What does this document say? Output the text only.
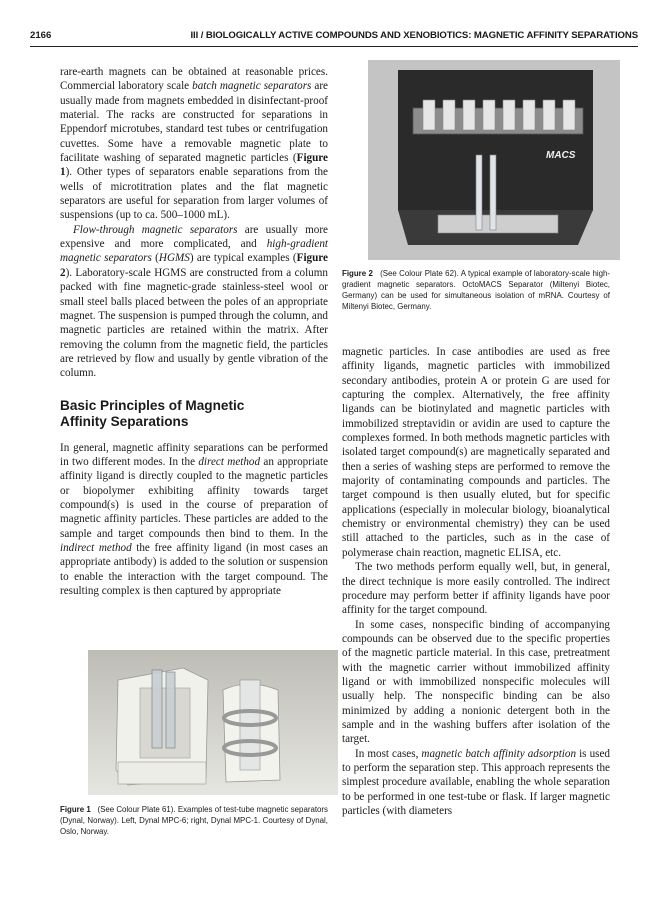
2166	III / BIOLOGICALLY ACTIVE COMPOUNDS AND XENOBIOTICS: MAGNETIC AFFINITY SEPARATIONS

rare-earth magnets can be obtained at reasonable prices. Commercial laboratory scale batch magnetic separators are usually made from magnets embedded in disinfectant-proof material. The racks are constructed for separations in Eppendorf microtubes, standard test tubes or centrifugation cuvettes. Some have a removable magnetic plate to facilitate washing of separated magnetic particles (Figure 1). Other types of separators enable separations from the wells of microtitration plates and the flat magnetic separators are useful for separation from larger volumes of suspensions (up to ca. 500–1000 mL).

Flow-through magnetic separators are usually more expensive and more complicated, and high-gradient magnetic separators (HGMS) are typical examples (Figure 2). Laboratory-scale HGMS are constructed from a column packed with fine magnetic-grade stainless-steel wool or small steel balls placed between the poles of an appropriate magnet. The suspension is pumped through the column, and magnetic particles are retained within the matrix. After removing the column from the magnetic field, the particles are retrieved by flow and usually by gentle vibration of the column.

Basic Principles of Magnetic Affinity Separations

In general, magnetic affinity separations can be performed in two different modes. In the direct method an appropriate affinity ligand is directly coupled to the magnetic particles or biopolymer exhibiting affinity towards target compound(s) is used in the course of preparation of magnetic affinity particles. These particles are added to the sample and target compounds then bind to them. In the indirect method the free affinity ligand (in most cases an appropriate antibody) is added to the solution or suspension to enable the interaction with the target compound. The resulting complex is then captured by appropriate

Figure 1 (See Colour Plate 61). Examples of test-tube magnetic separators (Dynal, Norway). Left, Dynal MPC-6; right, Dynal MPC-1. Courtesy of Dynal, Oslo, Norway.

MACS

Figure 2 (See Colour Plate 62). A typical example of laboratory-scale high-gradient magnetic separators. OctoMACS Separator (Miltenyi Biotec, Germany) can be used for simultaneous isolation of mRNA. Courtesy of Miltenyi Biotec, Germany.

magnetic particles. In case antibodies are used as free affinity ligands, magnetic particles with immobilized secondary antibodies, protein A or protein G are used for capturing the complex. Alternatively, the free affinity ligands can be biotinylated and magnetic particles with immobilized streptavidin or avidin are used to capture the complexes formed. In both methods magnetic particles with isolated target compound(s) are magnetically separated and then a series of washing steps are performed to remove the majority of contaminating compounds and particles. The target compound is then usually eluted, but for specific applications (especially in molecular biology, bioanalytical chemistry or environmental chemistry) they can be used still attached to the particles, such as in the case of polymerase chain reaction, magnetic ELISA, etc.

The two methods perform equally well, but, in general, the direct technique is more easily controlled. The indirect procedure may perform better if affinity ligands have poor affinity for the target compound.

In some cases, nonspecific binding of accompanying compounds can be observed due to the specific properties of the magnetic particle material. In this case, pretreatment with the magnetic carrier without immobilized affinity ligand or with immobilized nonspecific molecules will usually help. The nonspecific binding can be also minimized by adding a nonionic detergent both in the sample and in the washing buffers after isolation of the target.

In most cases, magnetic batch affinity adsorption is used to perform the separation step. This approach represents the simplest procedure available, enabling the whole separation to be performed in one test-tube or flask. If larger magnetic particles (with diameters
